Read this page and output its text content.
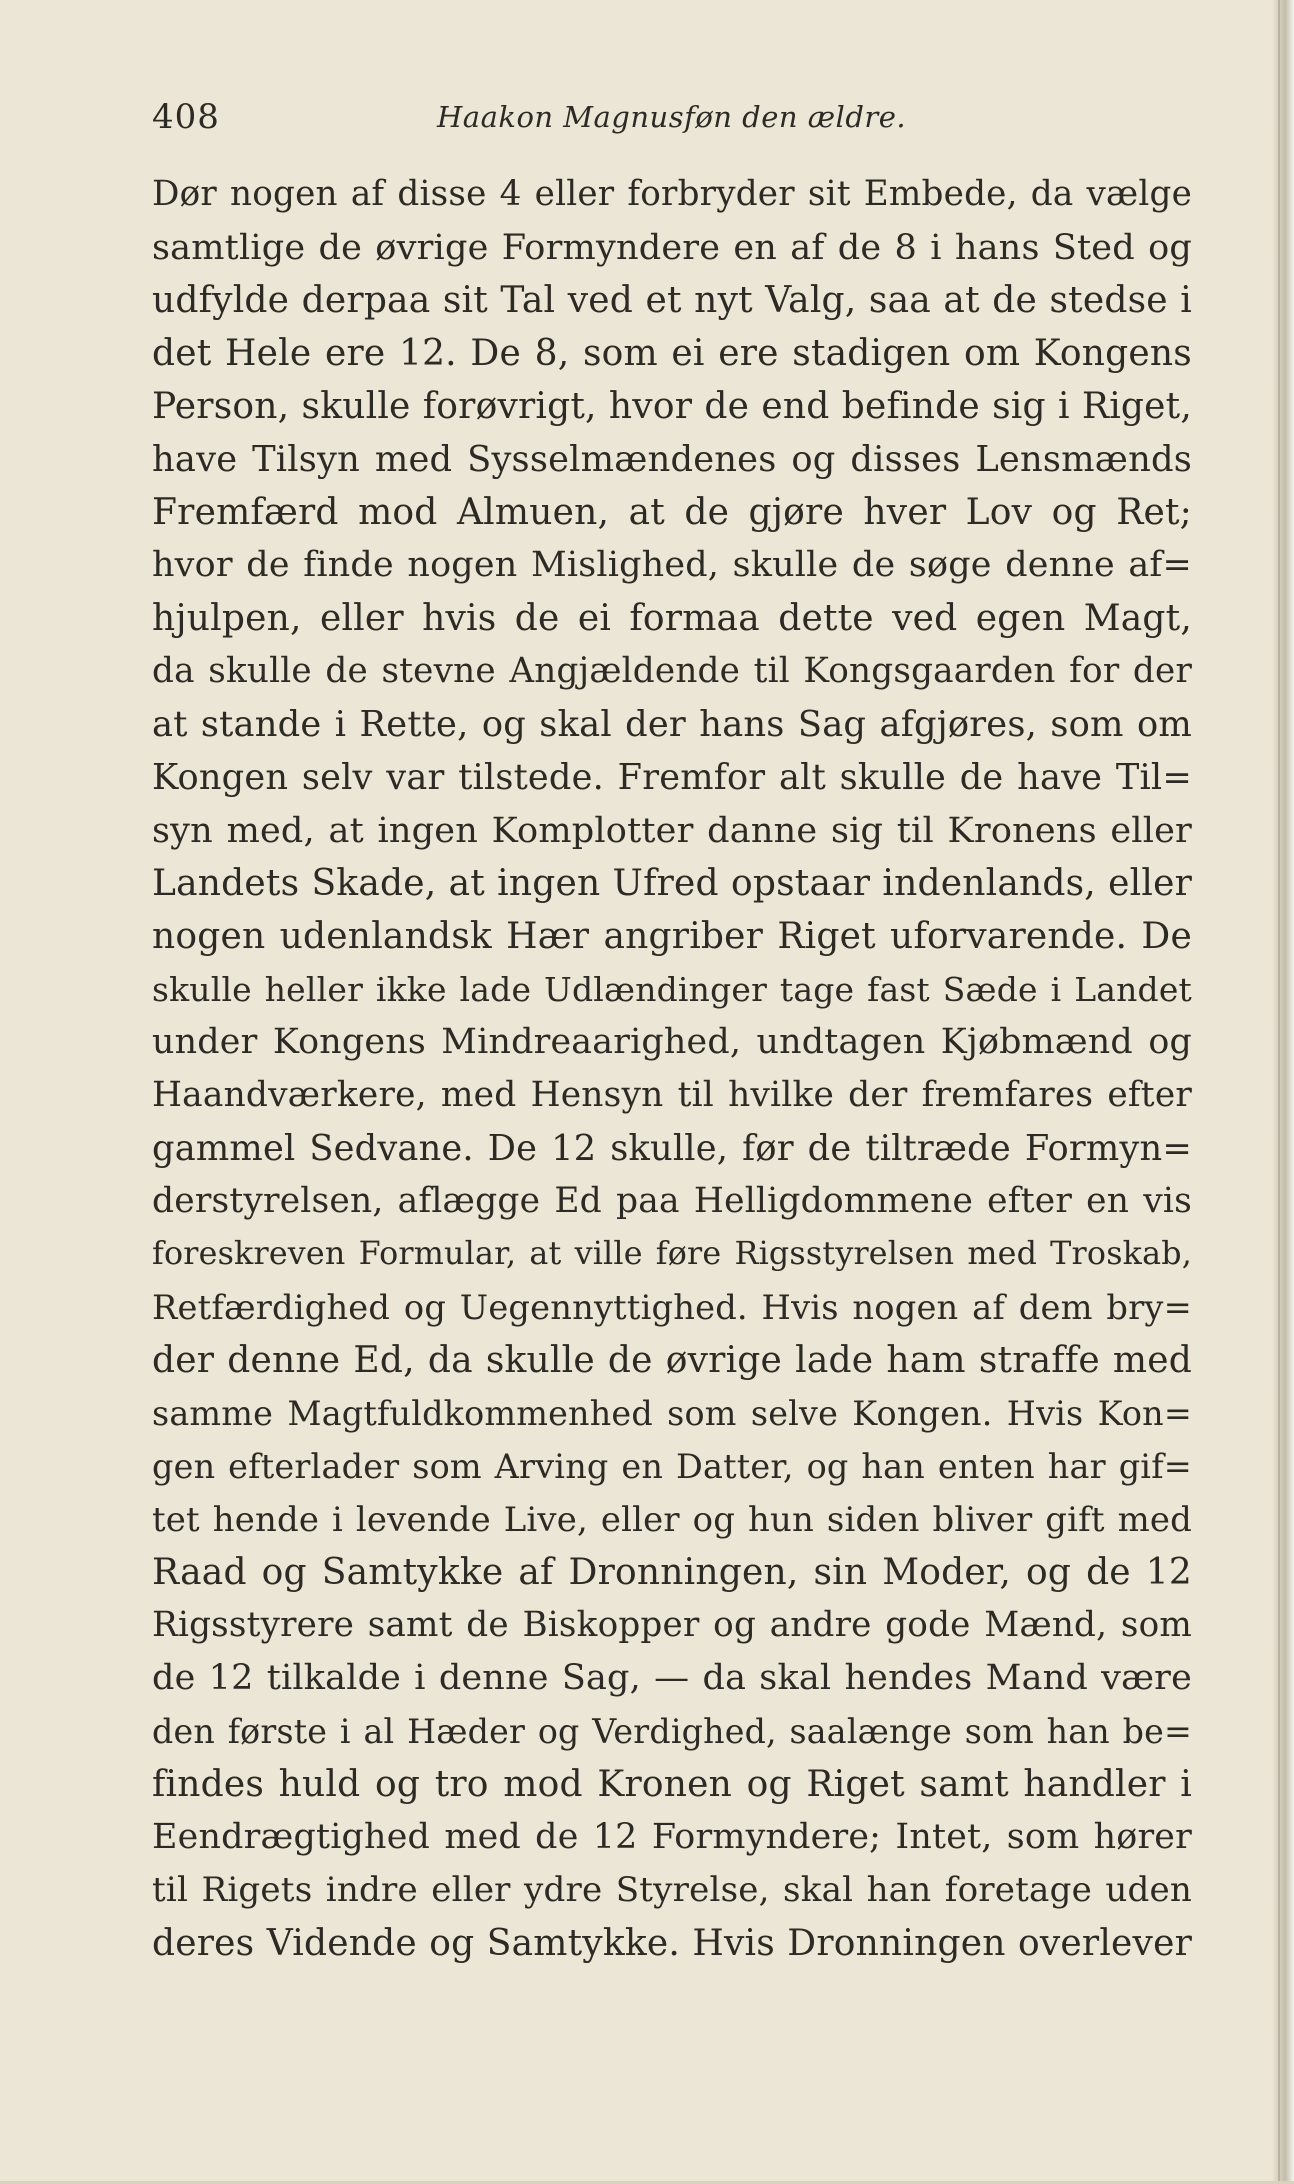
408	Haakon Magnusføn den ældre.
Dør nogen af disse 4 eller forbryder sit Embede, da vælge
samtlige de øvrige Formyndere en af de 8 i hans Sted og
udfylde derpaa sit Tal ved et nyt Valg, saa at de stedse i
det Hele ere 12. De 8, som ei ere stadigen om Kongens
Person, skulle forøvrigt, hvor de end befinde sig i Riget,
have Tilsyn med Sysselmændenes og disses Lensmænds
Fremfærd mod Almuen, at de gjøre hver Lov og Ret;
hvor de finde nogen Mislighed, skulle de søge denne af=
hjulpen, eller hvis de ei formaa dette ved egen Magt,
da skulle de stevne Angjældende til Kongsgaarden for der
at stande i Rette, og skal der hans Sag afgjøres, som om
Kongen selv var tilstede. Fremfor alt skulle de have Til=
syn med, at ingen Komplotter danne sig til Kronens eller
Landets Skade, at ingen Ufred opstaar indenlands, eller
nogen udenlandsk Hær angriber Riget uforvarende. De
skulle heller ikke lade Udlændinger tage fast Sæde i Landet
under Kongens Mindreaarighed, undtagen Kjøbmænd og
Haandværkere, med Hensyn til hvilke der fremfares efter
gammel Sedvane. De 12 skulle, før de tiltræde Formyn=
derstyrelsen, aflægge Ed paa Helligdommene efter en vis
foreskreven Formular, at ville føre Rigsstyrelsen med Troskab,
Retfærdighed og Uegennyttighed. Hvis nogen af dem bry=
der denne Ed, da skulle de øvrige lade ham straffe med
samme Magtfuldkommenhed som selve Kongen. Hvis Kon=
gen efterlader som Arving en Datter, og han enten har gif=
tet hende i levende Live, eller og hun siden bliver gift med
Raad og Samtykke af Dronningen, sin Moder, og de 12
Rigsstyrere samt de Biskopper og andre gode Mænd, som
de 12 tilkalde i denne Sag, — da skal hendes Mand være
den første i al Hæder og Verdighed, saalænge som han be=
findes huld og tro mod Kronen og Riget samt handler i
Eendrægtighed med de 12 Formyndere; Intet, som hører
til Rigets indre eller ydre Styrelse, skal han foretage uden
deres Vidende og Samtykke. Hvis Dronningen overlever
